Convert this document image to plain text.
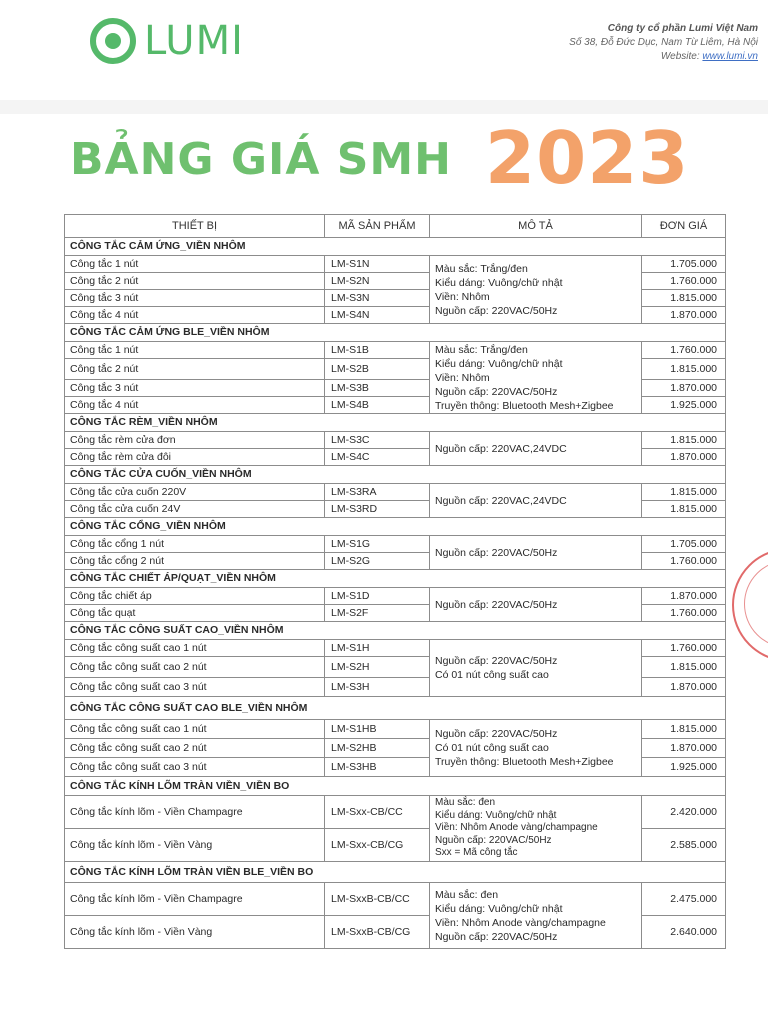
LUMI	Công ty cổ phần Lumi Việt Nam
Số 38, Đỗ Đức Dục, Nam Từ Liêm, Hà Nội
Website: www.lumi.vn
BẢNG GIÁ SMH 2023
THIẾT BỊ	MÃ SẢN PHẨM	MÔ TẢ	ĐƠN GIÁ
CÔNG TẮC CẢM ỨNG_VIỀN NHÔM			
Công tắc 1 nút	LM-S1N	Màu sắc: Trắng/đen
Kiểu dáng: Vuông/chữ nhật
Viền: Nhôm
Nguồn cấp: 220VAC/50Hz	1.705.000
Công tắc 2 nút	LM-S2N		1.760.000
Công tắc 3 nút	LM-S3N		1.815.000
Công tắc 4 nút	LM-S4N		1.870.000
CÔNG TẮC CẢM ỨNG BLE_VIỀN NHÔM			
Công tắc 1 nút	LM-S1B	Màu sắc: Trắng/đen
Kiểu dáng: Vuông/chữ nhật
Viền: Nhôm
Nguồn cấp: 220VAC/50Hz
Truyền thông: Bluetooth Mesh+Zigbee	1.760.000
Công tắc 2 nút	LM-S2B		1.815.000
Công tắc 3 nút	LM-S3B		1.870.000
Công tắc 4 nút	LM-S4B		1.925.000
CÔNG TẮC RÈM_VIỀN NHÔM			
Công tắc rèm cửa đơn	LM-S3C	Nguồn cấp: 220VAC,24VDC	1.815.000
Công tắc rèm cửa đôi	LM-S4C		1.870.000
CÔNG TẮC CỬA CUỐN_VIỀN NHÔM			
Công tắc cửa cuốn 220V	LM-S3RA	Nguồn cấp: 220VAC,24VDC	1.815.000
Công tắc cửa cuốn 24V	LM-S3RD		1.815.000
CÔNG TẮC CỔNG_VIỀN NHÔM			
Công tắc cổng 1 nút	LM-S1G	Nguồn cấp: 220VAC/50Hz	1.705.000
Công tắc cổng 2 nút	LM-S2G		1.760.000
CÔNG TẮC CHIẾT ÁP/QUẠT_VIỀN NHÔM			
Công tắc chiết áp	LM-S1D	Nguồn cấp: 220VAC/50Hz	1.870.000
Công tắc quạt	LM-S2F		1.760.000
CÔNG TẮC CÔNG SUẤT CAO_VIỀN NHÔM			
Công tắc công suất cao 1 nút	LM-S1H	Nguồn cấp: 220VAC/50Hz
Có 01 nút công suất cao	1.760.000
Công tắc công suất cao 2 nút	LM-S2H		1.815.000
Công tắc công suất cao 3 nút	LM-S3H		1.870.000
CÔNG TẮC CÔNG SUẤT CAO BLE_VIỀN NHÔM			
Công tắc công suất cao 1 nút	LM-S1HB	Nguồn cấp: 220VAC/50Hz
Có 01 nút công suất cao
Truyền thông: Bluetooth Mesh+Zigbee	1.815.000
Công tắc công suất cao 2 nút	LM-S2HB		1.870.000
Công tắc công suất cao 3 nút	LM-S3HB		1.925.000
CÔNG TẮC KÍNH LÕM TRÀN VIỀN_VIỀN BO			
Công tắc kính lõm - Viền Champagre	LM-Sxx-CB/CC	Màu sắc: đen
Kiểu dáng: Vuông/chữ nhật
Viền: Nhôm Anode vàng/champagne
Nguồn cấp: 220VAC/50Hz
Sxx = Mã công tắc	2.420.000
Công tắc kính lõm - Viền Vàng	LM-Sxx-CB/CG		2.585.000
CÔNG TẮC KÍNH LÕM TRÀN VIỀN BLE_VIỀN BO			
Công tắc kính lõm - Viền Champagre	LM-SxxB-CB/CC	Màu sắc: đen
Kiểu dáng: Vuông/chữ nhật
Viền: Nhôm Anode vàng/champagne
Nguồn cấp: 220VAC/50Hz	2.475.000
Công tắc kính lõm - Viền Vàng	LM-SxxB-CB/CG		2.640.000
